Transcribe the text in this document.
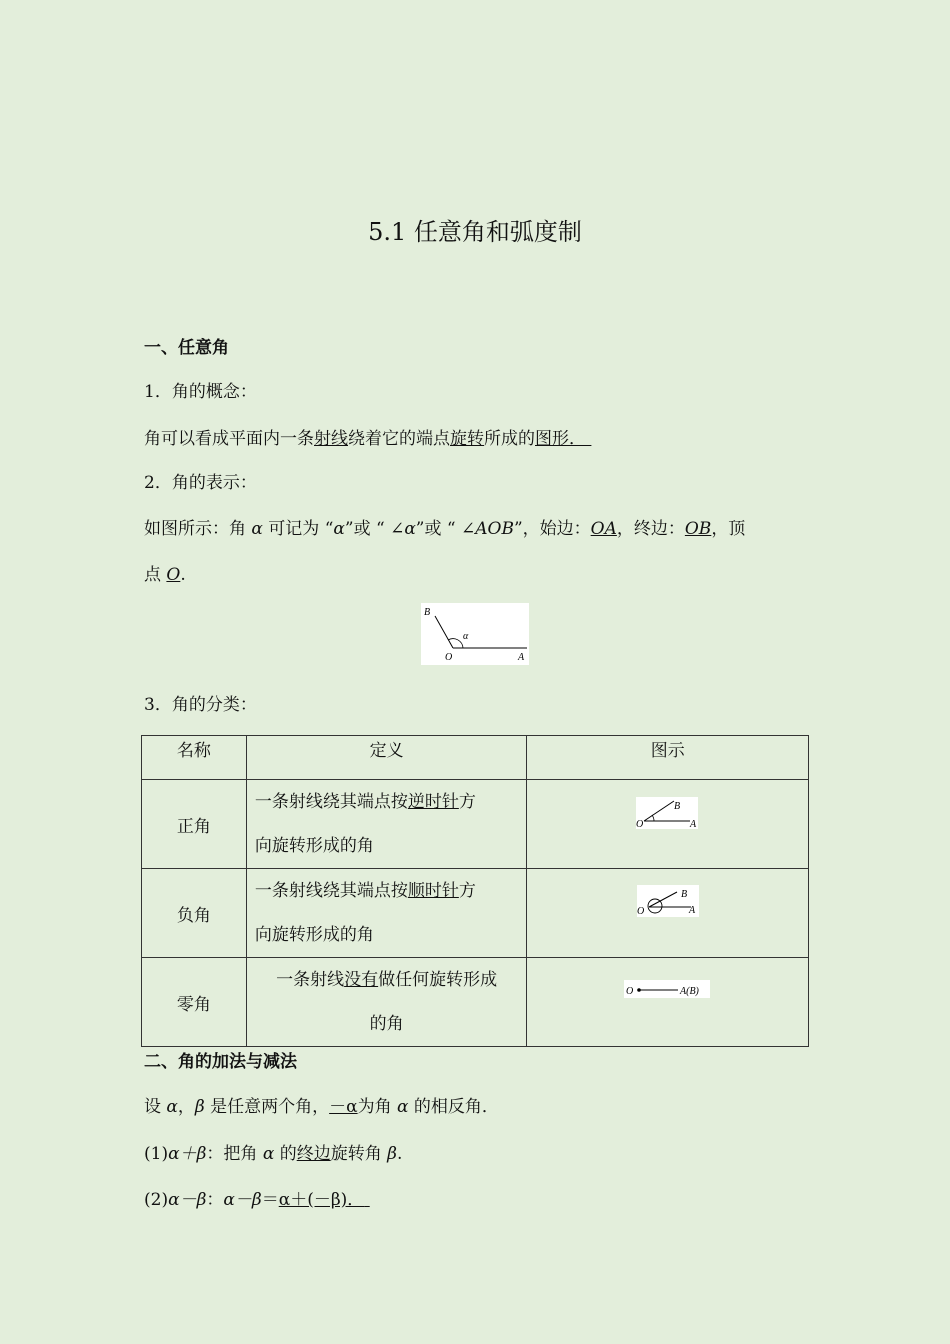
5.1 任意角和弧度制
一、任意角
1．角的概念：
角可以看成平面内一条射线绕着它的端点旋转所成的图形．
2．角的表示：
如图所示：角 α 可记为 “α”或 “ ∠α”或 “ ∠AOB”，始边：OA，终边：OB，顶
点 O.
B
α
O	A
3．角的分类：
名称	定义	图示
正角	一条射线绕其端点按逆时针方
向旋转形成的角	O A
B

负角	一条射线绕其端点按顺时针方
向旋转形成的角	O A
B

零角	一条射线没有做任何旋转形成
的角	O A(B)
二、角的加法与减法
设 α，β 是任意两个角，－α为角 α 的相反角．
(1)α＋β：把角 α 的终边旋转角 β.
(2)α－β：α－β＝α＋(－β)．
